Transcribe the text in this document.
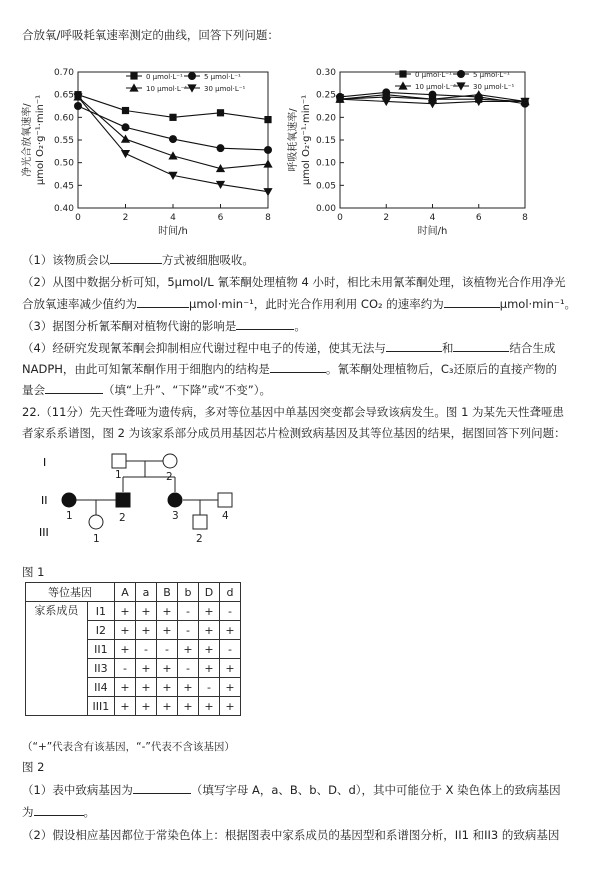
合放氧/呼吸耗氧速率测定的曲线，回答下列问题：
0.40
0.45
0.50
0.55
0.60
0.65
0.70
0	2	4	6	8
时间/h
净光合放氧速率/ μmol O₂·g⁻¹·min⁻¹
0 μmol·L⁻¹	5 μmol·L⁻¹
10 μmol·L⁻¹ 30 μmol·L⁻¹
0.00
0.05
0.10
0.15
0.20
0.25
0.30
0	2	4	6	8
时间/h
呼吸耗氧速率/ μmol O₂·g⁻¹·min⁻¹
0 μmol·L⁻¹	5 μmol·L⁻¹
10 μmol·L⁻¹ 30 μmol·L⁻¹
（1）该物质会以	方式被细胞吸收。
（2）从图中数据分析可知，5μmol/L 氰苯酮处理植物 4 小时，相比未用氰苯酮处理，该植物光合作用净光
合放氧速率减少值约为	μmol·min⁻¹，此时光合作用利用 CO₂ 的速率约为	μmol·min⁻¹。
（3）据图分析氰苯酮对植物代谢的影响是	。
（4）经研究发现氰苯酮会抑制相应代谢过程中电子的传递，使其无法与	和	结合生成
NADPH，由此可知氰苯酮作用于细胞内的结构是	。氰苯酮处理植物后，C₃还原后的直接产物的
量会	（填“上升”、“下降”或“不变”）。
22.（11分）先天性聋哑为遗传病，多对等位基因中单基因突变都会导致该病发生。图 1 为某先天性聋哑患
者家系系谱图，图 2 为该家系部分成员用基因芯片检测致病基因及其等位基因的结果，据图回答下列问题：
I
II
III
1	2
1	2	3	4
1	2
图 1
等位基因		A	a	B	b	D	d
家系成员	I1	+	+	+	-	+	-
	I2	+	+	+	-	+	+
	II1	+	-	-	+	+	-
	II3	-	+	+	-	+	+
	II4	+	+	+	+	-	+
	III1	+	+	+	+	+	+
（“+”代表含有该基因，“-”代表不含该基因）
图 2
（1）表中致病基因为	（填写字母 A，a、B、b、D、d），其中可能位于 X 染色体上的致病基因
为	。
（2）假设相应基因都位于常染色体上：根据图表中家系成员的基因型和系谱图分析，II1 和II3 的致病基因
